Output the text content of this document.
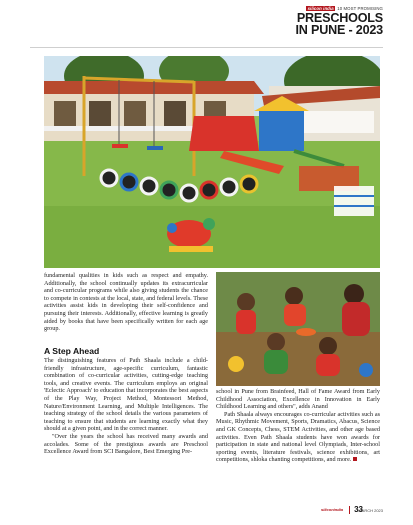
silicon india 10 MOST PROMISING
PRESCHOOLS
IN PUNE - 2023
fundamental qualities in kids such as respect and empathy. Additionally, the school continually updates its extracurricular and co-curricular programs while also giving students the chance to compete in contests at the local, state, and federal levels. These activities assist kids in developing their self-confidence and pursuing their interests. Additionally, effective learning is greatly aided by books that have been specifically written for each age group.
A Step Ahead

The distinguishing features of Path Shaala include a child-friendly infrastructure, age-specific curriculum, fantastic combination of co-curricular activities, cutting-edge teaching tools, and creative events. The curriculum employs an original 'Eclectic Approach' to education that incorporates the best aspects of the Play Way, Project Method, Montessori Method, Nature/Environment Learning, and Multiple Intelligences. The teaching strategy of the school details the various parameters of teaching to ensure that students are learning exactly what they should at a given point, and in the correct manner.

"Over the years the school has received many awards and accolades. Some of the prestigious awards are Preschool Excellence Award from SCI Bangalore, Best Emerging Pre-

school in Pune from Brainfeed, Hall of Fame Award from Early Childhood Association, Excellence in Innovation in Early Childhood Learning and others", adds Anand

Path Shaala always encourages co-curricular activities such as Music, Rhythmic Movement, Sports, Dramatics, Abacus, Science and GK Concepts, Chess, STEM Activities, and other age based activities. Even Path Shaala students have won awards for participation in state and national level Olympiads, Inter-school sporting events, literature festivals, science exhibitions, art competitions, shloka chanting competitions, and more.

siliconindia 33
MARCH 2023
